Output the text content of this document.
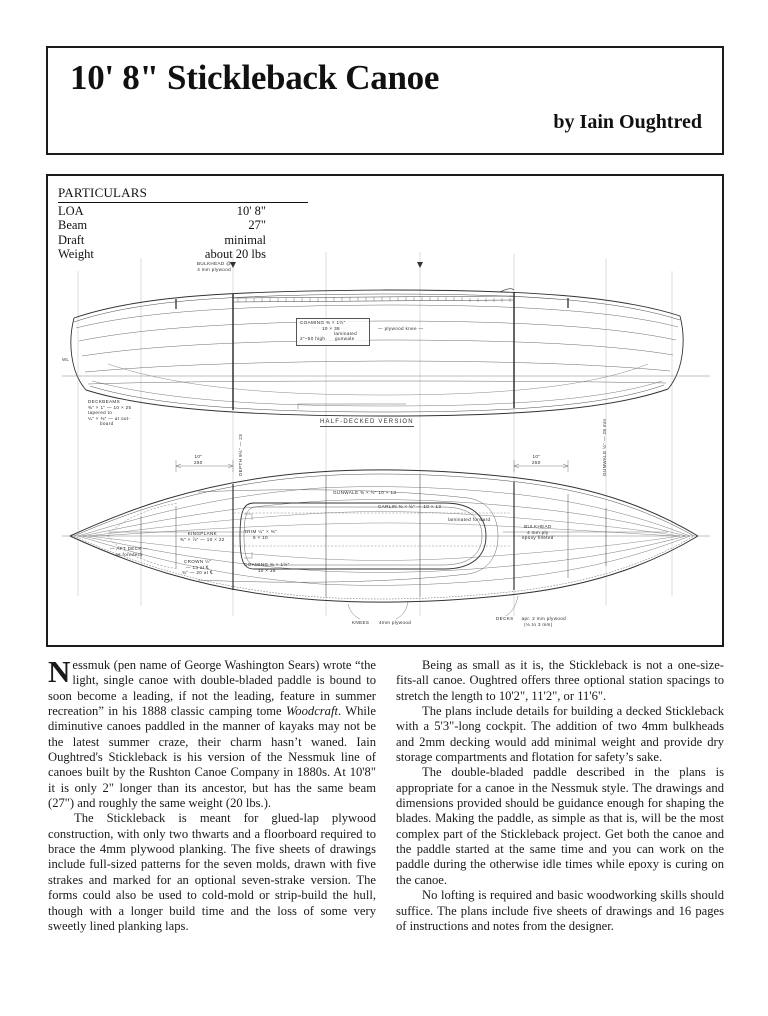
10' 8" Stickleback Canoe
by Iain Oughtred
PARTICULARS
LOA	10' 8"
Beam	27"
Draft	minimal
Weight	about 20 lbs
BULKHEAD @
4 mm plywood
COAMING ⅜ × 1½"
10 × 38
laminated
2"–50 high gunwale
— plywood knee —
DECKBEAMS
⅜" × 1" — 10 × 25
tapered to
¼" × ⅜" — at out-
board	HALF-DECKED VERSION
WL
DEPTH 9½" — 23	GUNWALE ½" — 28 mm
GUNWALE ⅜ × ½" 10 × 13
CARLIN ⅜ × ½" — 10 × 13
laminated forward
KINGPLANK
⅜" × ⅞" — 10 × 22
TRIM ¼" × ⅜"
6 × 10
CROWN ½"
— 13 at ℄
¾" — 20 at ℄
COAMING ⅜ × 1½"
10 × 38
BULKHEAD
4 mm ply
epoxy filleted
— AFT DECK —
as foredeck
KNEES 4mm plywood
DECKS apr. 2 mm plywood
(⅛ to 3 mm)
10"
250
10"
250

Nessmuk (pen name of George Washington Sears) wrote “the light, single canoe with double-bladed paddle is bound to soon become a leading, if not the leading, feature in summer recreation” in his 1888 classic camping tome Woodcraft. While diminutive canoes paddled in the manner of kayaks may not be the latest summer craze, their charm hasn’t waned. Iain Oughtred's Stickleback is his version of the Nessmuk line of canoes built by the Rushton Canoe Company in 1880s. At 10'8" it is only 2" longer than its ancestor, but has the same beam (27") and roughly the same weight (20 lbs.).

The Stickleback is meant for glued-lap plywood construction, with only two thwarts and a floorboard required to brace the 4mm plywood planking. The five sheets of drawings include full-sized patterns for the seven molds, drawn with five strakes and marked for an optional seven-strake version. The forms could also be used to cold-mold or strip-build the hull, though with a longer build time and the loss of some very sweetly lined planking laps.

Being as small as it is, the Stickleback is not a one-size-fits-all canoe. Oughtred offers three optional station spacings to stretch the length to 10'2", 11'2", or 11'6".

The plans include details for building a decked Stickleback with a 5'3"-long cockpit. The addition of two 4mm bulkheads and 2mm decking would add minimal weight and provide dry storage compartments and flotation for safety’s sake.

The double-bladed paddle described in the plans is appropriate for a canoe in the Nessmuk style. The drawings and dimensions provided should be guidance enough for shaping the blades. Making the paddle, as simple as that is, will be the most complex part of the Stickleback project. Get both the canoe and the paddle started at the same time and you can work on the paddle during the otherwise idle times while epoxy is curing on the canoe.

No lofting is required and basic woodworking skills should suffice. The plans include five sheets of drawings and 16 pages of instructions and notes from the designer.
